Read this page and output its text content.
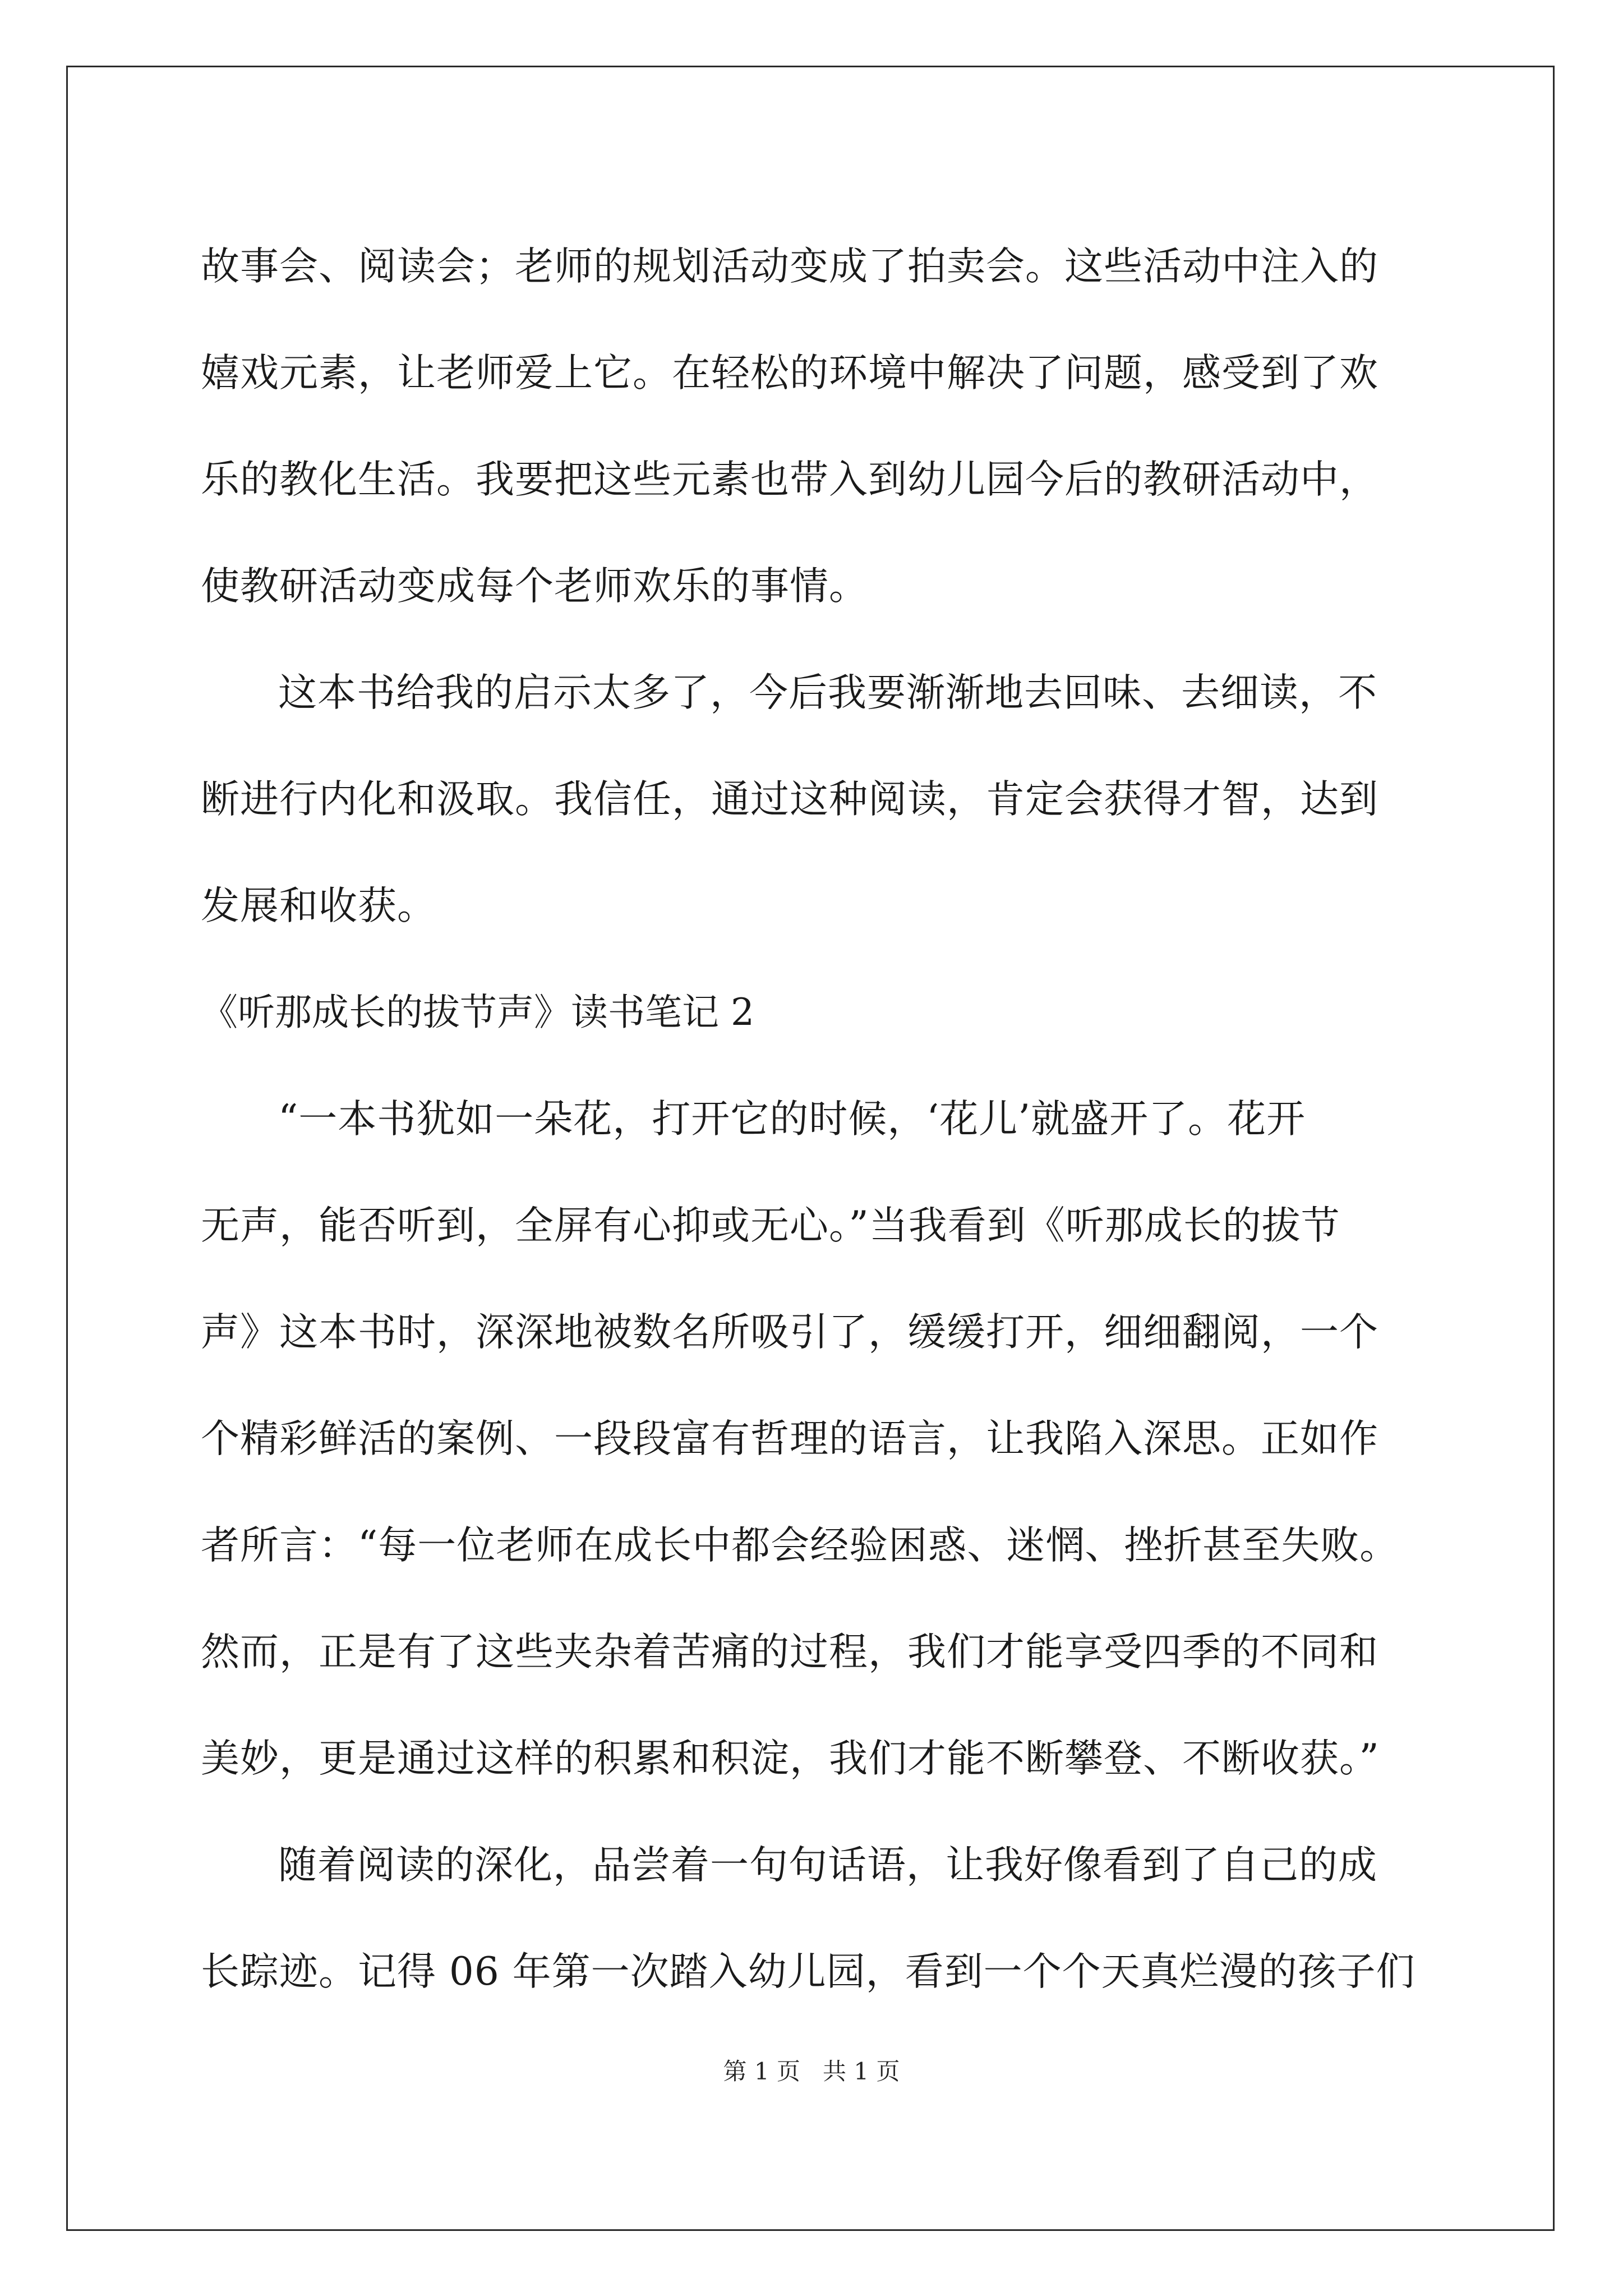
故事会、阅读会；老师的规划活动变成了拍卖会。这些活动中注入的
嬉戏元素，让老师爱上它。在轻松的环境中解决了问题，感受到了欢
乐的教化生活。我要把这些元素也带入到幼儿园今后的教研活动中，
使教研活动变成每个老师欢乐的事情。
这本书给我的启示太多了，今后我要渐渐地去回味、去细读，不
断进行内化和汲取。我信任，通过这种阅读，肯定会获得才智，达到
发展和收获。
《听那成长的拔节声》读书笔记 2
“一本书犹如一朵花，打开它的时候，‘花儿’就盛开了。花开
无声，能否听到，全屏有心抑或无心。”当我看到《听那成长的拔节
声》这本书时，深深地被数名所吸引了，缓缓打开，细细翻阅，一个
个精彩鲜活的案例、一段段富有哲理的语言，让我陷入深思。正如作
者所言：“每一位老师在成长中都会经验困惑、迷惘、挫折甚至失败。
然而，正是有了这些夹杂着苦痛的过程，我们才能享受四季的不同和
美妙，更是通过这样的积累和积淀，我们才能不断攀登、不断收获。”
随着阅读的深化，品尝着一句句话语，让我好像看到了自己的成
长踪迹。记得 06 年第一次踏入幼儿园，看到一个个天真烂漫的孩子们
第 1 页   共 1 页
